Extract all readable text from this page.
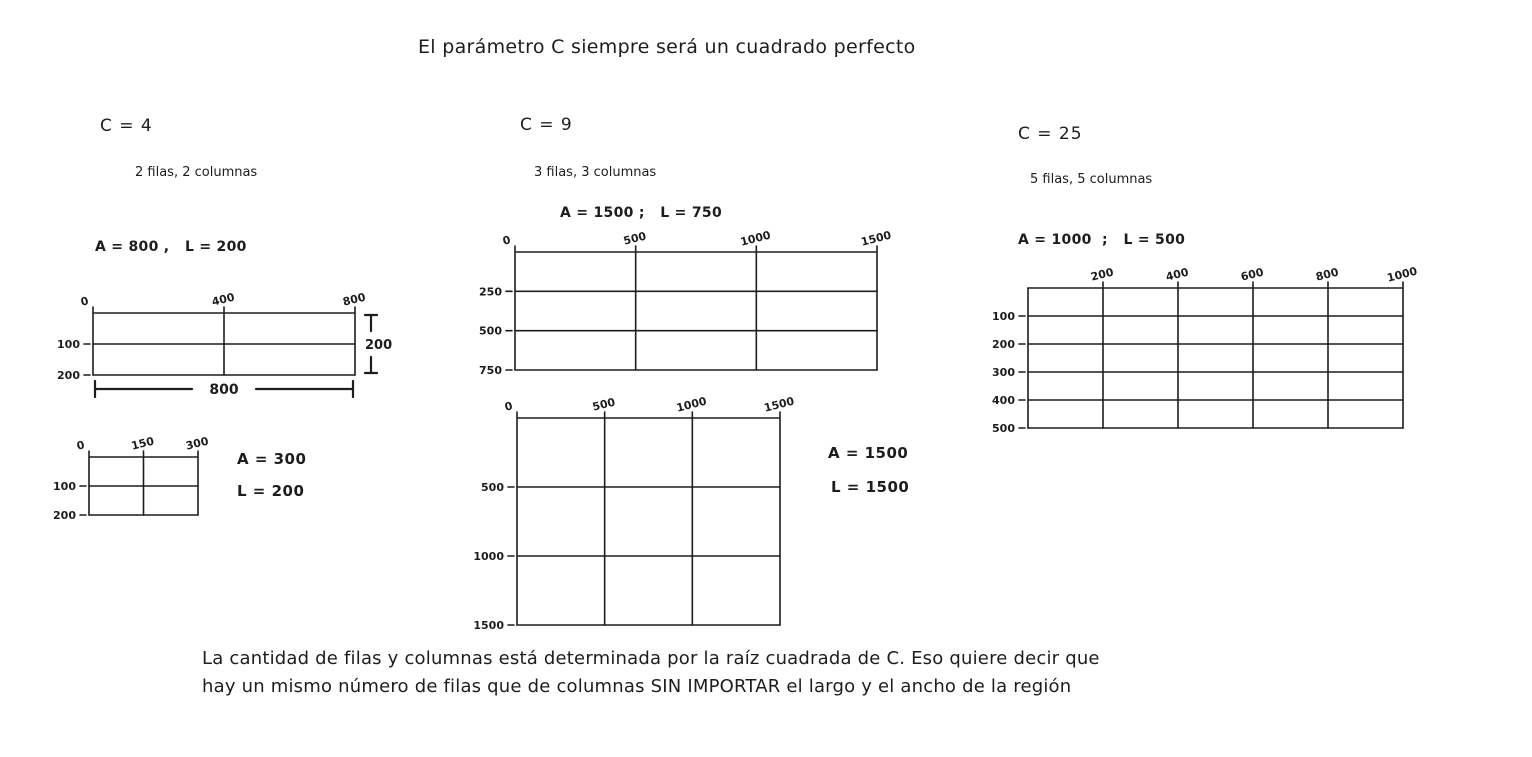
El parámetro C siempre será un cuadrado perfecto
C = 4
2 filas, 2 columnas
A = 800 ,   L = 200
0	400	800
100
200
800
200
0	150	300
100
200
A = 300
L = 200
C = 9
3 filas, 3 columnas
A = 1500 ;   L = 750
0	500	1000	1500
250
500
750
0	500	1000	1500
500
1000
1500
A = 1500
L = 1500
C = 25
5 filas, 5 columnas
A = 1000  ;   L = 500
200	400	600	800	1000
100
200
300
400
500
La cantidad de filas y columnas está determinada por la raíz cuadrada de C. Eso quiere decir que
hay un mismo número de filas que de columnas SIN IMPORTAR el largo y el ancho de la región
